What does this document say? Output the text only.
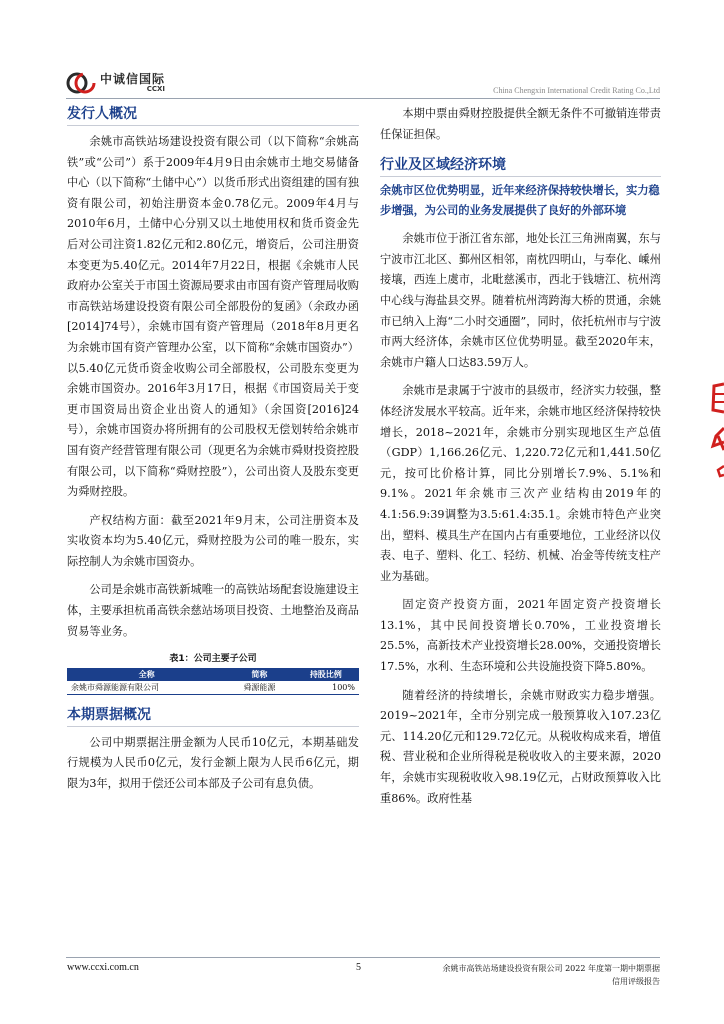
中诚信国际
CCXI	China Chengxin International Credit Rating Co.,Ltd
发行人概况

余姚市高铁站场建设投资有限公司（以下简称“余姚高铁”或“公司”）系于2009年4月9日由余姚市土地交易储备中心（以下简称“土储中心”）以货币形式出资组建的国有独资有限公司，初始注册资本金0.78亿元。2009年4月与2010年6月，土储中心分别又以土地使用权和货币资金先后对公司注资1.82亿元和2.80亿元，增资后，公司注册资本变更为5.40亿元。2014年7月22日，根据《余姚市人民政府办公室关于市国土资源局要求由市国有资产管理局收购市高铁站场建设投资有限公司全部股份的复函》（余政办函[2014]74号），余姚市国有资产管理局（2018年8月更名为余姚市国有资产管理办公室，以下简称“余姚市国资办”）以5.40亿元货币资金收购公司全部股权，公司股东变更为余姚市国资办。2016年3月17日，根据《市国资局关于变更市国资局出资企业出资人的通知》（余国资[2016]24号），余姚市国资办将所拥有的公司股权无偿划转给余姚市国有资产经营管理有限公司（现更名为余姚市舜财投资控股有限公司，以下简称“舜财控股”），公司出资人及股东变更为舜财控股。

产权结构方面：截至2021年9月末，公司注册资本及实收资本均为5.40亿元，舜财控股为公司的唯一股东，实际控制人为余姚市国资办。

公司是余姚市高铁新城唯一的高铁站场配套设施建设主体，主要承担杭甬高铁余慈站场项目投资、土地整治及商品贸易等业务。

表1：公司主要子公司
全称	简称	持股比例
余姚市舜源能源有限公司	舜源能源	100%
本期票据概况

公司中期票据注册金额为人民币10亿元，本期基础发行规模为人民币0亿元，发行金额上限为人民币6亿元，期限为3年，拟用于偿还公司本部及子公司有息负债。

本期中票由舜财控股提供全额无条件不可撤销连带责任保证担保。

行业及区域经济环境
余姚市区位优势明显，近年来经济保持较快增长，实力稳步增强，为公司的业务发展提供了良好的外部环境

余姚市位于浙江省东部，地处长江三角洲南翼，东与宁波市江北区、鄞州区相邻，南枕四明山，与奉化、嵊州接壤，西连上虞市，北毗慈溪市，西北于钱塘江、杭州湾中心线与海盐县交界。随着杭州湾跨海大桥的贯通，余姚市已纳入上海“二小时交通圈”，同时，依托杭州市与宁波市两大经济体，余姚市区位优势明显。截至2020年末，余姚市户籍人口达83.59万人。

余姚市是隶属于宁波市的县级市，经济实力较强，整体经济发展水平较高。近年来，余姚市地区经济保持较快增长，2018~2021年，余姚市分别实现地区生产总值（GDP）1,166.26亿元、1,220.72亿元和1,441.50亿元，按可比价格计算，同比分别增长7.9%、5.1%和9.1%。2021年余姚市三次产业结构由2019年的4.1:56.9:39调整为3.5:61.4:35.1。余姚市特色产业突出，塑料、模具生产在国内占有重要地位，工业经济以仪表、电子、塑料、化工、轻纺、机械、冶金等传统支柱产业为基础。

固定资产投资方面，2021年固定资产投资增长13.1%，其中民间投资增长0.70%，工业投资增长25.5%，高新技术产业投资增长28.00%，交通投资增长17.5%，水利、生态环境和公共设施投资下降5.80%。

随着经济的持续增长，余姚市财政实力稳步增强。2019~2021年，全市分别完成一般预算收入107.23亿元、114.20亿元和129.72亿元。从税收构成来看，增值税、营业税和企业所得税是税收收入的主要来源，2020年，余姚市实现税收收入98.19亿元，占财政预算收入比重86%。政府性基

www.ccxi.com.cn	5	余姚市高铁站场建设投资有限公司 2022 年度第一期中期票据
信用评级报告
